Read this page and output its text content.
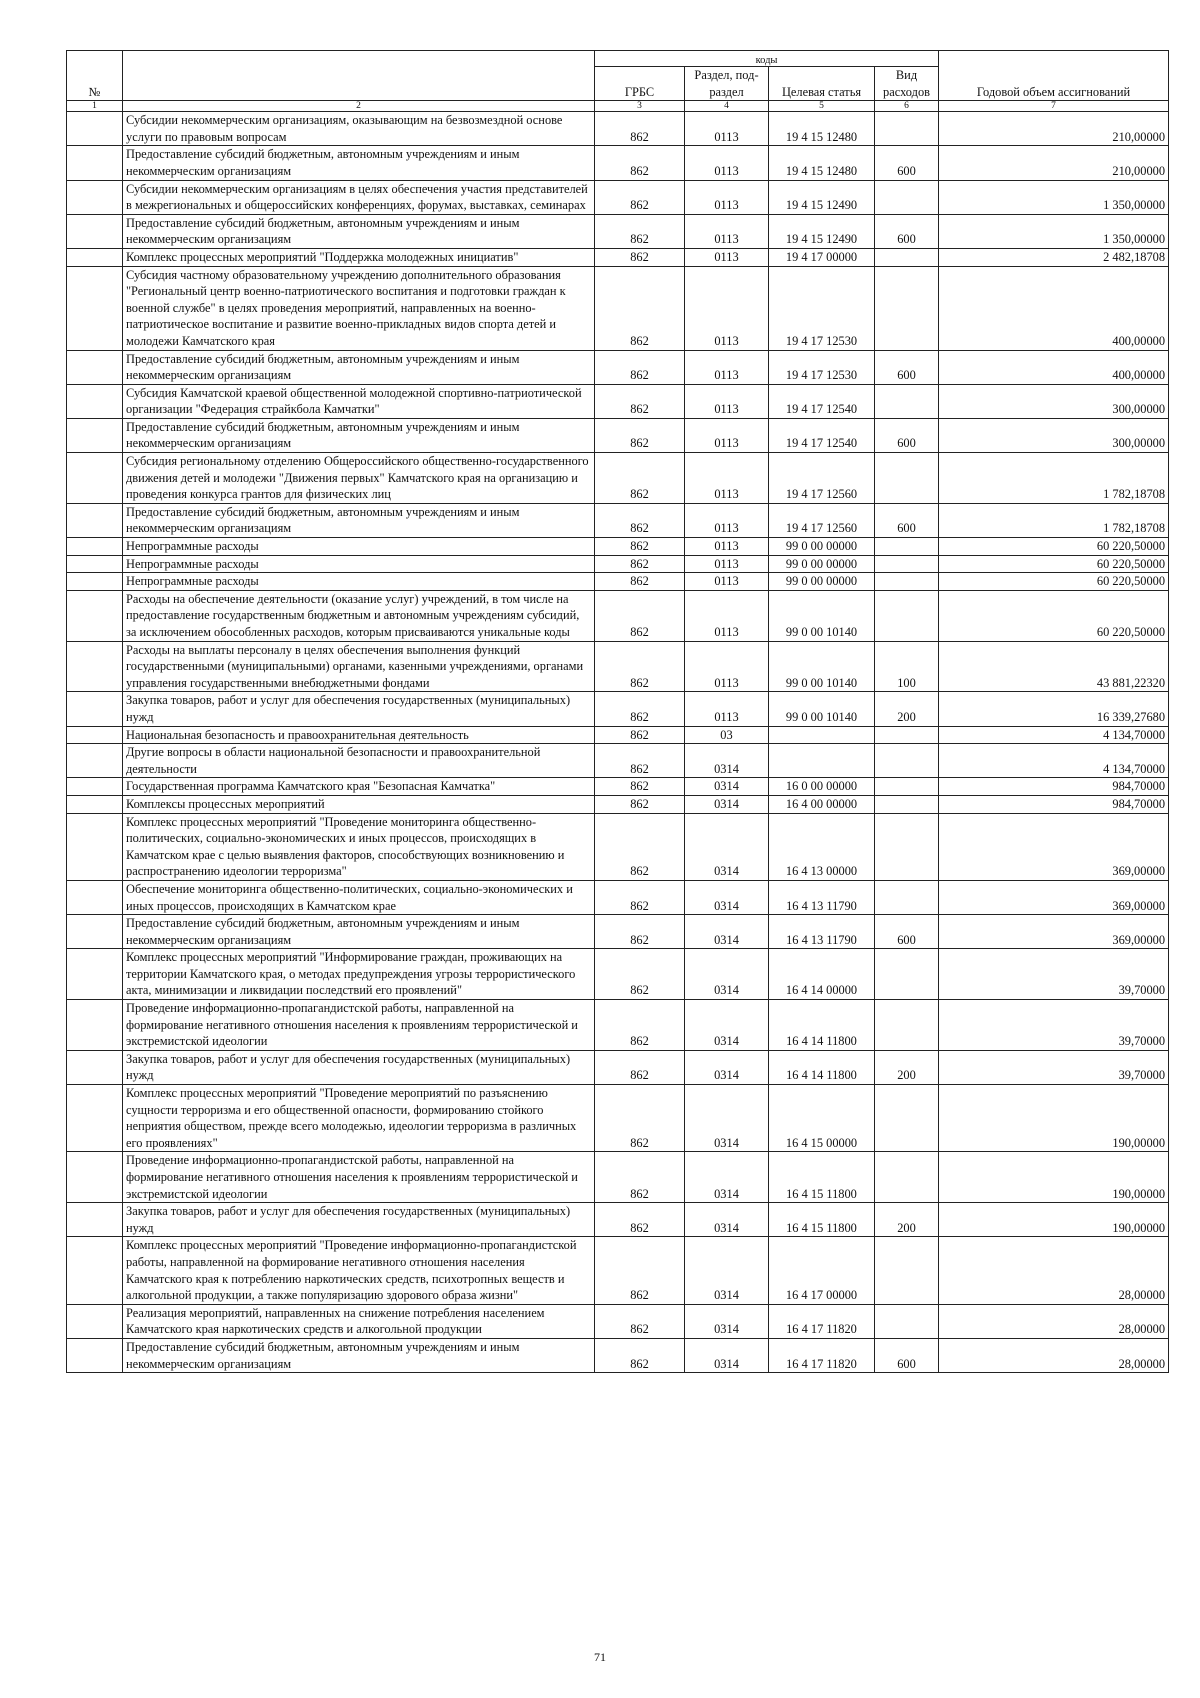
№		коды				Годовой объем ассигнований
		ГРБС	Раздел, под-раздел	Целевая статья	Вид расходов	
1	2	3	4	5	6	7
	Субсидии некоммерческим организациям, оказывающим на безвозмездной основе услуги по правовым вопросам	862	0113	19 4 15 12480		210,00000
	Предоставление субсидий бюджетным, автономным учреждениям и иным некоммерческим организациям	862	0113	19 4 15 12480	600	210,00000
	Субсидии некоммерческим организациям в целях обеспечения участия представителей в межрегиональных и общероссийских конференциях, форумах, выставках, семинарах	862	0113	19 4 15 12490		1 350,00000
	Предоставление субсидий бюджетным, автономным учреждениям и иным некоммерческим организациям	862	0113	19 4 15 12490	600	1 350,00000
	Комплекс процессных мероприятий "Поддержка молодежных инициатив"	862	0113	19 4 17 00000		2 482,18708
	Субсидия частному образовательному учреждению дополнительного образования "Региональный центр военно-патриотического воспитания и подготовки граждан к военной службе" в целях проведения мероприятий, направленных на военно-патриотическое воспитание и развитие военно-прикладных видов спорта детей и молодежи Камчатского края	862	0113	19 4 17 12530		400,00000
	Предоставление субсидий бюджетным, автономным учреждениям и иным некоммерческим организациям	862	0113	19 4 17 12530	600	400,00000
	Субсидия Камчатской краевой общественной молодежной спортивно-патриотической организации "Федерация страйкбола Камчатки"	862	0113	19 4 17 12540		300,00000
	Предоставление субсидий бюджетным, автономным учреждениям и иным некоммерческим организациям	862	0113	19 4 17 12540	600	300,00000
	Субсидия региональному отделению Общероссийского общественно-государственного движения детей и молодежи "Движения первых" Камчатского края на организацию и проведения конкурса грантов для физических лиц	862	0113	19 4 17 12560		1 782,18708
	Предоставление субсидий бюджетным, автономным учреждениям и иным некоммерческим организациям	862	0113	19 4 17 12560	600	1 782,18708
	Непрограммные расходы	862	0113	99 0 00 00000		60 220,50000
	Непрограммные расходы	862	0113	99 0 00 00000		60 220,50000
	Непрограммные расходы	862	0113	99 0 00 00000		60 220,50000
	Расходы на обеспечение деятельности (оказание услуг) учреждений, в том числе на предоставление государственным бюджетным и автономным учреждениям субсидий, за исключением обособленных расходов, которым присваиваются уникальные коды	862	0113	99 0 00 10140		60 220,50000
	Расходы на выплаты персоналу в целях обеспечения выполнения функций государственными (муниципальными) органами, казенными учреждениями, органами управления государственными внебюджетными фондами	862	0113	99 0 00 10140	100	43 881,22320
	Закупка товаров, работ и услуг для обеспечения государственных (муниципальных) нужд	862	0113	99 0 00 10140	200	16 339,27680
	Национальная безопасность и правоохранительная деятельность	862	03			4 134,70000
	Другие вопросы в области национальной безопасности и правоохранительной деятельности	862	0314			4 134,70000
	Государственная программа Камчатского края "Безопасная Камчатка"	862	0314	16 0 00 00000		984,70000
	Комплексы процессных мероприятий	862	0314	16 4 00 00000		984,70000
	Комплекс процессных мероприятий "Проведение мониторинга общественно-политических, социально-экономических и иных процессов, происходящих в Камчатском крае с целью выявления факторов, способствующих возникновению и распространению идеологии терроризма"	862	0314	16 4 13 00000		369,00000
	Обеспечение мониторинга общественно-политических, социально-экономических и иных процессов, происходящих в Камчатском крае	862	0314	16 4 13 11790		369,00000
	Предоставление субсидий бюджетным, автономным учреждениям и иным некоммерческим организациям	862	0314	16 4 13 11790	600	369,00000
	Комплекс процессных мероприятий "Информирование граждан, проживающих на территории Камчатского края, о методах предупреждения угрозы террористического акта, минимизации и ликвидации последствий его проявлений"	862	0314	16 4 14 00000		39,70000
	Проведение информационно-пропагандистской работы, направленной на формирование негативного отношения населения к проявлениям террористической и экстремистской идеологии	862	0314	16 4 14 11800		39,70000
	Закупка товаров, работ и услуг для обеспечения государственных (муниципальных) нужд	862	0314	16 4 14 11800	200	39,70000
	Комплекс процессных мероприятий "Проведение мероприятий по разъяснению сущности терроризма и его общественной опасности, формированию стойкого неприятия обществом, прежде всего молодежью, идеологии терроризма в различных его проявлениях"	862	0314	16 4 15 00000		190,00000
	Проведение информационно-пропагандистской работы, направленной на формирование негативного отношения населения к проявлениям террористической и экстремистской идеологии	862	0314	16 4 15 11800		190,00000
	Закупка товаров, работ и услуг для обеспечения государственных (муниципальных) нужд	862	0314	16 4 15 11800	200	190,00000
	Комплекс процессных мероприятий "Проведение информационно-пропагандистской работы, направленной на формирование негативного отношения населения Камчатского края к потреблению наркотических средств, психотропных веществ и алкогольной продукции, а также популяризацию здорового образа жизни"	862	0314	16 4 17 00000		28,00000
	Реализация мероприятий, направленных на снижение потребления населением Камчатского края наркотических средств и алкогольной продукции	862	0314	16 4 17 11820		28,00000
	Предоставление субсидий бюджетным, автономным учреждениям и иным некоммерческим организациям	862	0314	16 4 17 11820	600	28,00000
71
